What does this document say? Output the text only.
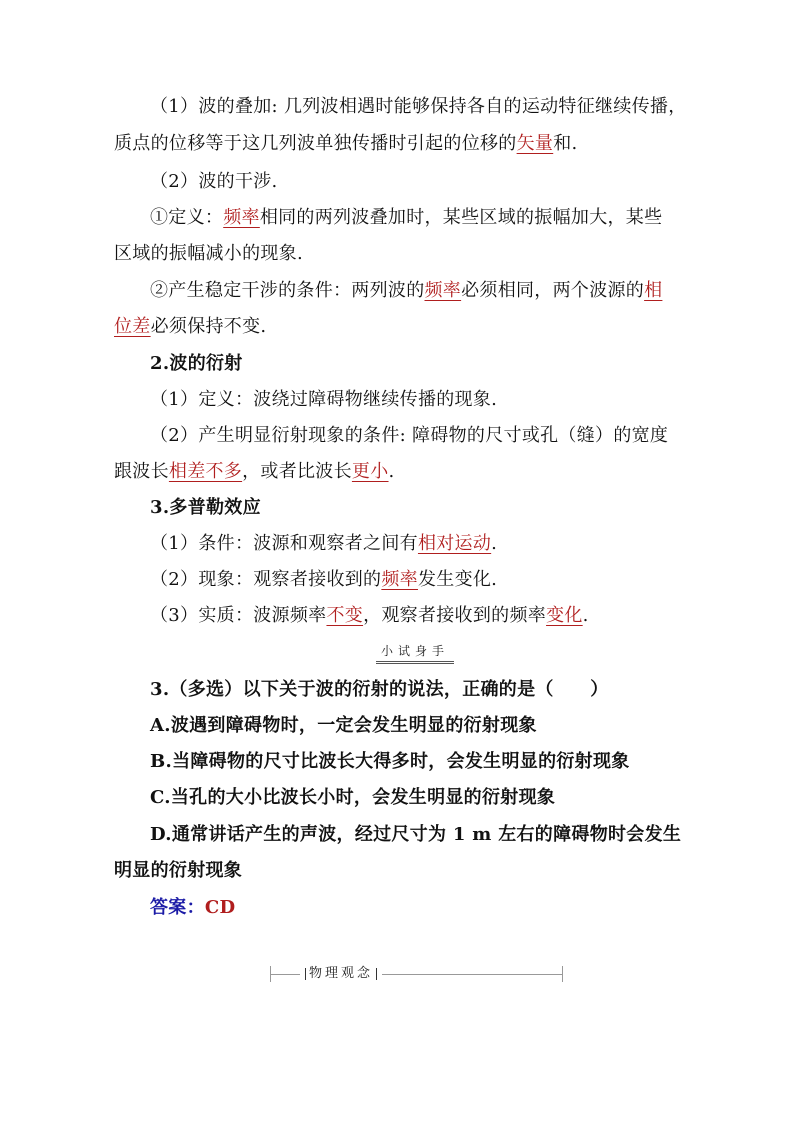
（1）波的叠加: 几列波相遇时能够保持各自的运动特征继续传播，
质点的位移等于这几列波单独传播时引起的位移的矢量和.
（2）波的干涉.
①定义：频率相同的两列波叠加时，某些区域的振幅加大，某些
区域的振幅减小的现象.
②产生稳定干涉的条件：两列波的频率必须相同，两个波源的相
位差必须保持不变.
2.波的衍射
（1）定义：波绕过障碍物继续传播的现象.
（2）产生明显衍射现象的条件: 障碍物的尺寸或孔（缝）的宽度
跟波长相差不多，或者比波长更小.
3.多普勒效应
（1）条件：波源和观察者之间有相对运动.
（2）现象：观察者接收到的频率发生变化.
（3）实质：波源频率不变，观察者接收到的频率变化.
小试身手
3.（多选）以下关于波的衍射的说法，正确的是（　　）
A.波遇到障碍物时，一定会发生明显的衍射现象
B.当障碍物的尺寸比波长大得多时，会发生明显的衍射现象
C.当孔的大小比波长小时，会发生明显的衍射现象
D.通常讲话产生的声波，经过尺寸为 1 m 左右的障碍物时会发生
明显的衍射现象
答案：CD
物理观念
